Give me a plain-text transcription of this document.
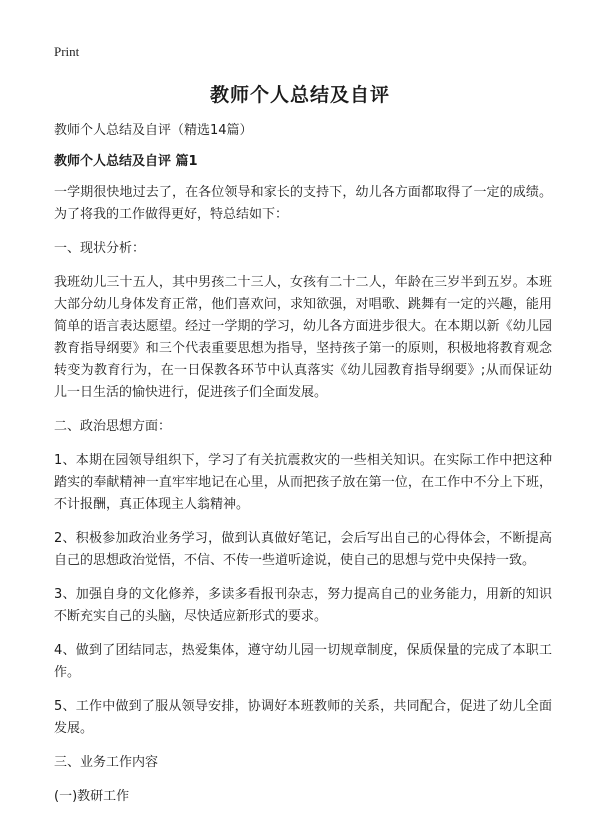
Print
教师个人总结及自评

教师个人总结及自评（精选14篇）

教师个人总结及自评 篇1

一学期很快地过去了，在各位领导和家长的支持下，幼儿各方面都取得了一定的成绩。为了将我的工作做得更好，特总结如下：

一、现状分析：

我班幼儿三十五人，其中男孩二十三人，女孩有二十二人，年龄在三岁半到五岁。本班大部分幼儿身体发育正常，他们喜欢问，求知欲强，对唱歌、跳舞有一定的兴趣，能用简单的语言表达愿望。经过一学期的学习，幼儿各方面进步很大。在本期以新《幼儿园教育指导纲要》和三个代表重要思想为指导，坚持孩子第一的原则，积极地将教育观念转变为教育行为，在一日保教各环节中认真落实《幼儿园教育指导纲要》;从而保证幼儿一日生活的愉快进行，促进孩子们全面发展。

二、政治思想方面：

1、本期在园领导组织下，学习了有关抗震救灾的一些相关知识。在实际工作中把这种踏实的奉献精神一直牢牢地记在心里，从而把孩子放在第一位，在工作中不分上下班，不计报酬，真正体现主人翁精神。

2、积极参加政治业务学习，做到认真做好笔记，会后写出自己的心得体会，不断提高自己的思想政治觉悟，不信、不传一些道听途说，使自己的思想与党中央保持一致。

3、加强自身的文化修养，多读多看报刊杂志，努力提高自己的业务能力，用新的知识不断充实自己的头脑，尽快适应新形式的要求。

4、做到了团结同志，热爱集体，遵守幼儿园一切规章制度，保质保量的完成了本职工作。

5、工作中做到了服从领导安排，协调好本班教师的关系，共同配合，促进了幼儿全面发展。

三、业务工作内容

(一)教研工作
